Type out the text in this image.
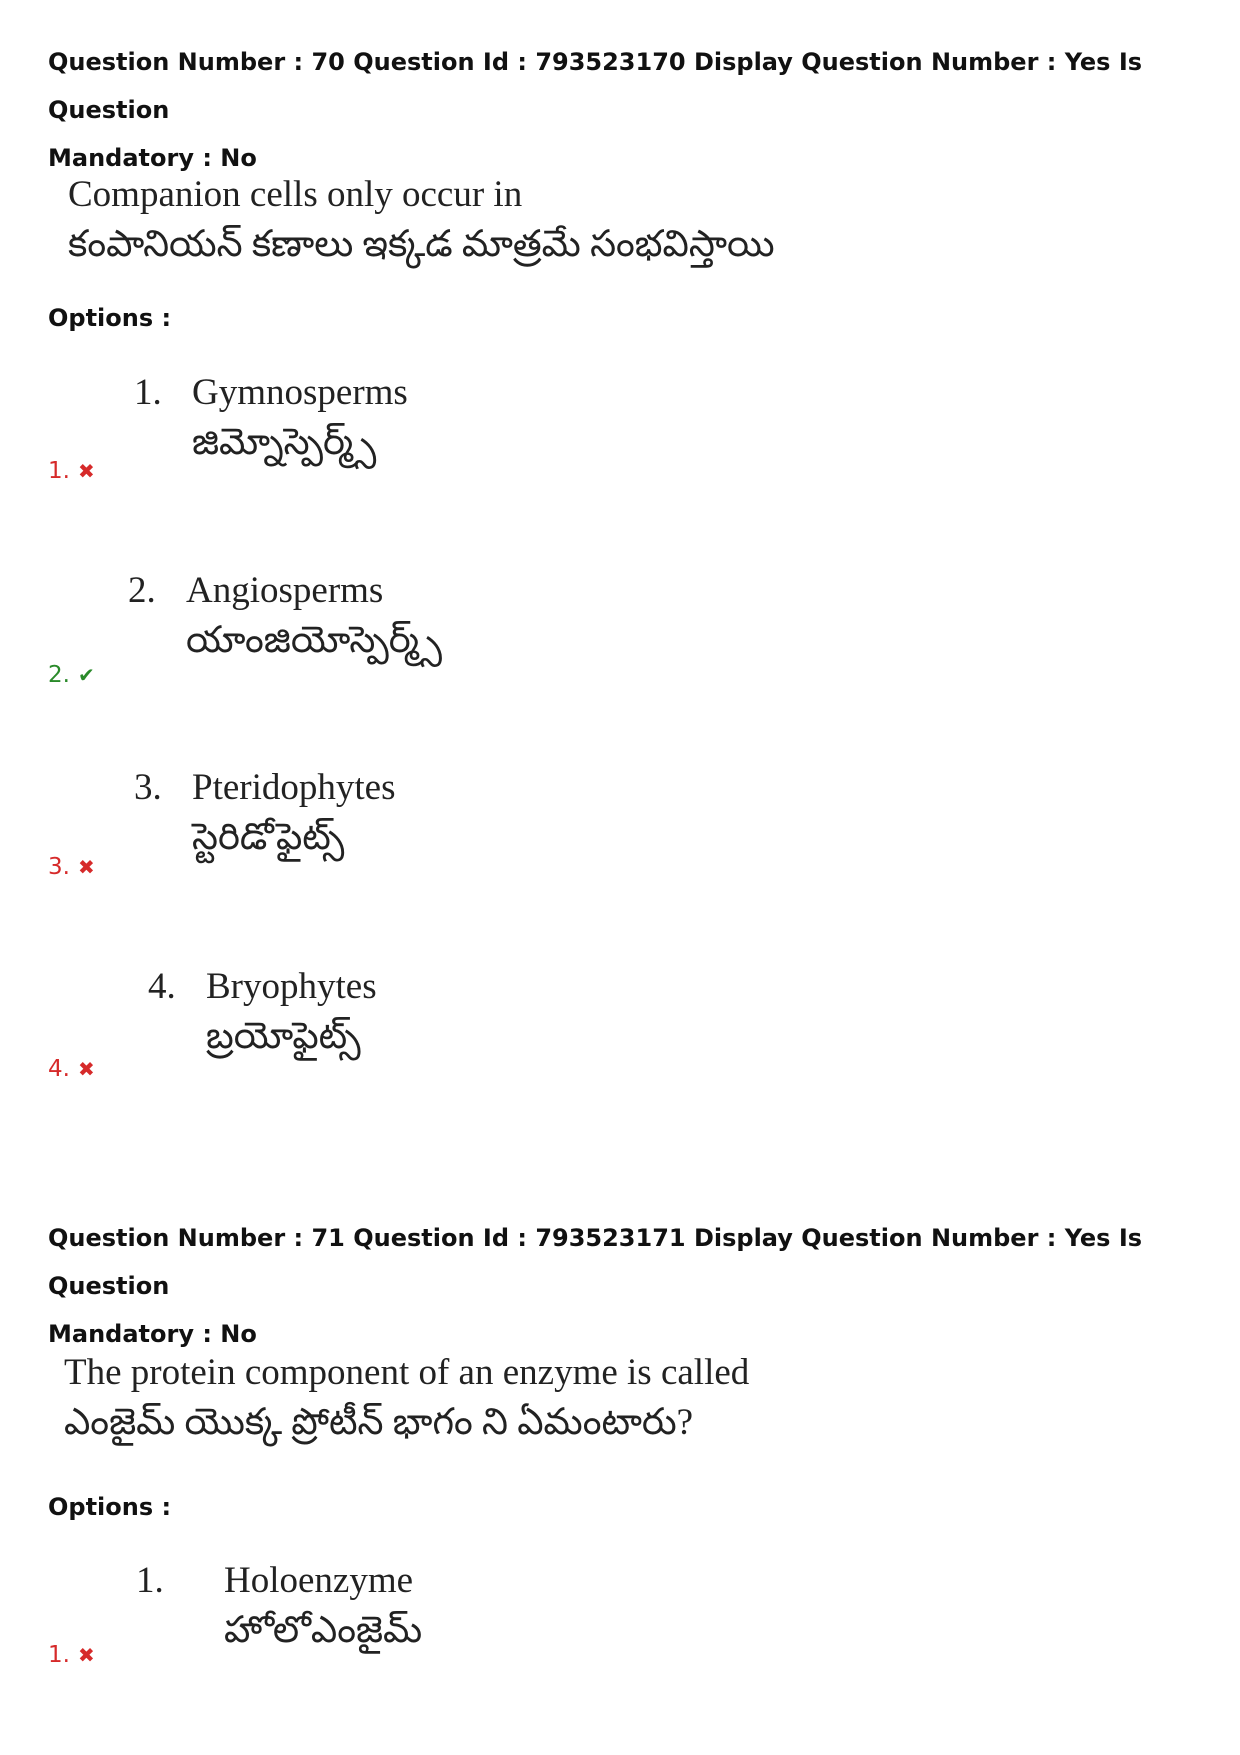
Question Number : 70 Question Id : 793523170 Display Question Number : Yes Is Question
Mandatory : No
Companion cells only occur in
కంపానియన్ కణాలు ఇక్కడ మాత్రమే సంభవిస్తాయి
Options :
1. Gymnosperms
జిమ్నోస్పెర్మ్స్
1. ✖
2. Angiosperms
యాంజియోస్పెర్మ్స్
2. ✔
3. Pteridophytes
స్టెరిడోఫైట్స్
3. ✖
4. Bryophytes
బ్రయోఫైట్స్
4. ✖
Question Number : 71 Question Id : 793523171 Display Question Number : Yes Is Question
Mandatory : No
The protein component of an enzyme is called
ఎంజైమ్ యొక్క ప్రోటీన్ భాగం ని ఏమంటారు?
Options :
1. Holoenzyme
హోలోఎంజైమ్
1. ✖
